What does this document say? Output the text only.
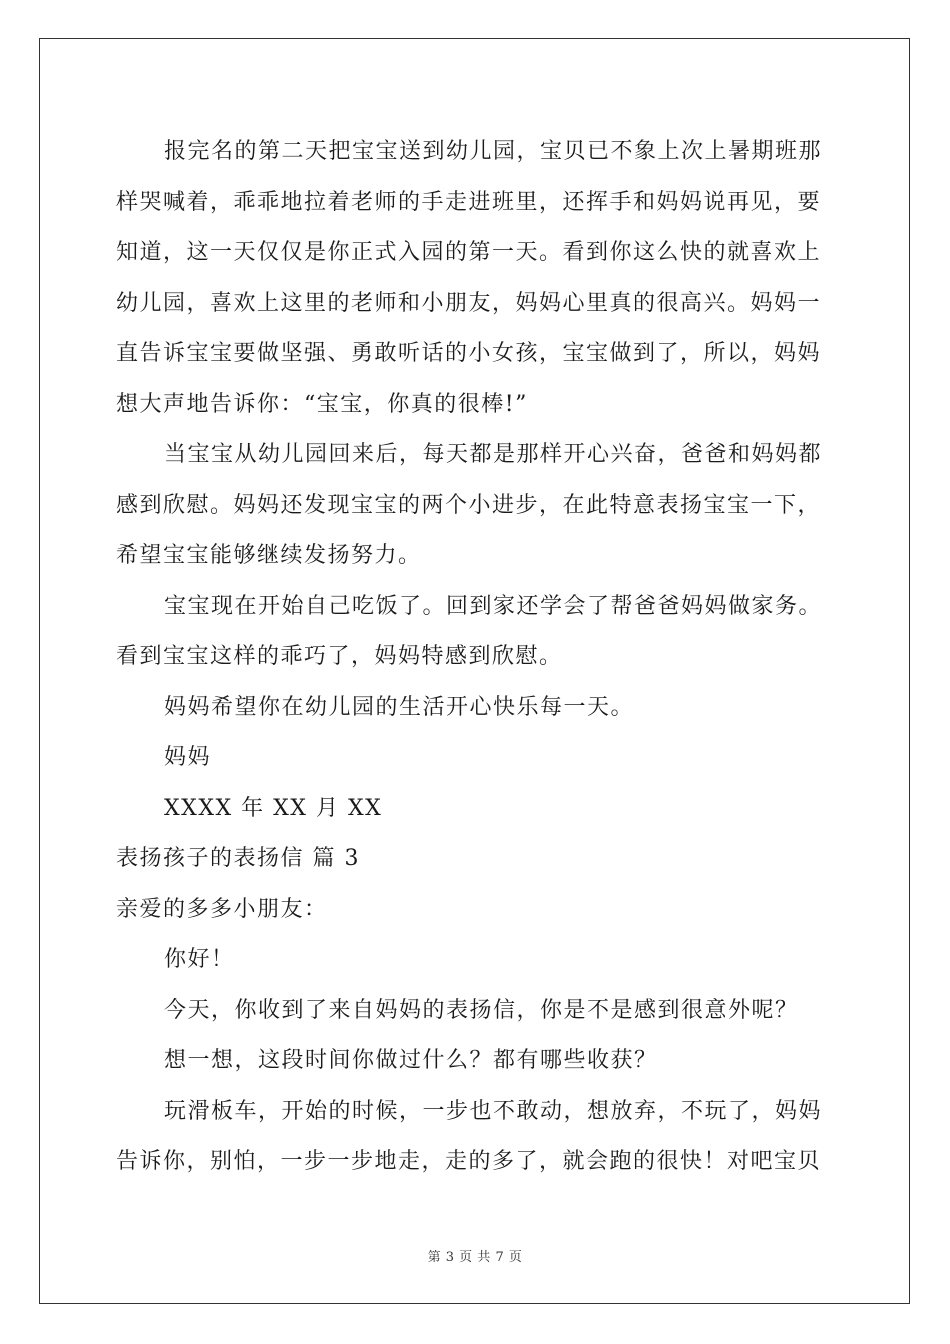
报完名的第二天把宝宝送到幼儿园，宝贝已不象上次上暑期班那
样哭喊着，乖乖地拉着老师的手走进班里，还挥手和妈妈说再见，要
知道，这一天仅仅是你正式入园的第一天。看到你这么快的就喜欢上
幼儿园，喜欢上这里的老师和小朋友，妈妈心里真的很高兴。妈妈一
直告诉宝宝要做坚强、勇敢听话的小女孩，宝宝做到了，所以，妈妈
想大声地告诉你：“宝宝，你真的很棒!”
当宝宝从幼儿园回来后，每天都是那样开心兴奋，爸爸和妈妈都
感到欣慰。妈妈还发现宝宝的两个小进步，在此特意表扬宝宝一下，
希望宝宝能够继续发扬努力。
宝宝现在开始自己吃饭了。回到家还学会了帮爸爸妈妈做家务。
看到宝宝这样的乖巧了，妈妈特感到欣慰。
妈妈希望你在幼儿园的生活开心快乐每一天。
妈妈
XXXX 年 XX 月 XX
表扬孩子的表扬信 篇 3
亲爱的多多小朋友：
你好！
今天，你收到了来自妈妈的表扬信，你是不是感到很意外呢？
想一想，这段时间你做过什么？都有哪些收获？
玩滑板车，开始的时候，一步也不敢动，想放弃，不玩了，妈妈
告诉你，别怕，一步一步地走，走的多了，就会跑的很快！对吧宝贝
第 3 页 共 7 页
